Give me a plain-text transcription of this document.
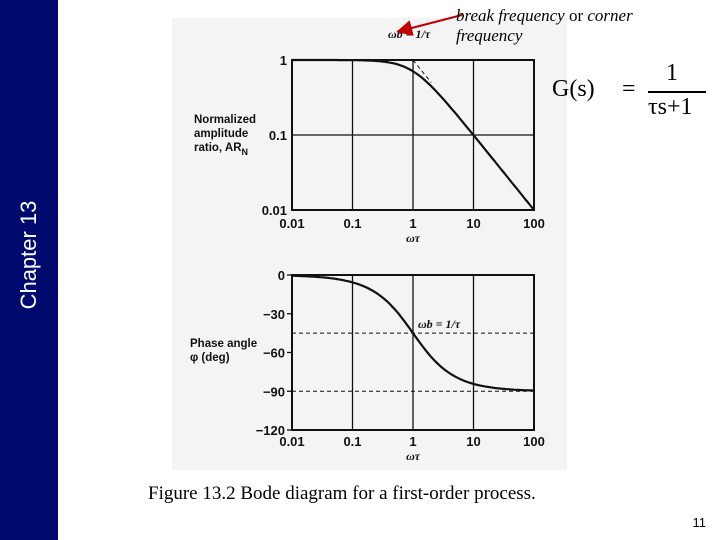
Chapter 13	0.01	0.1	1	10	100
1
0.1
0.01
ωτ
Normalized
amplitude
ratio, $AR_N$
ωb = 1/τ
0.01	0.1	1	10	100
0
−30
−60
−90
−120
ωτ
Phase angle
φ (deg)
ωb = 1/τ
break frequency or corner frequency
G(s) =
1
τs+1
Figure 13.2 Bode diagram for a first-order process.
11
